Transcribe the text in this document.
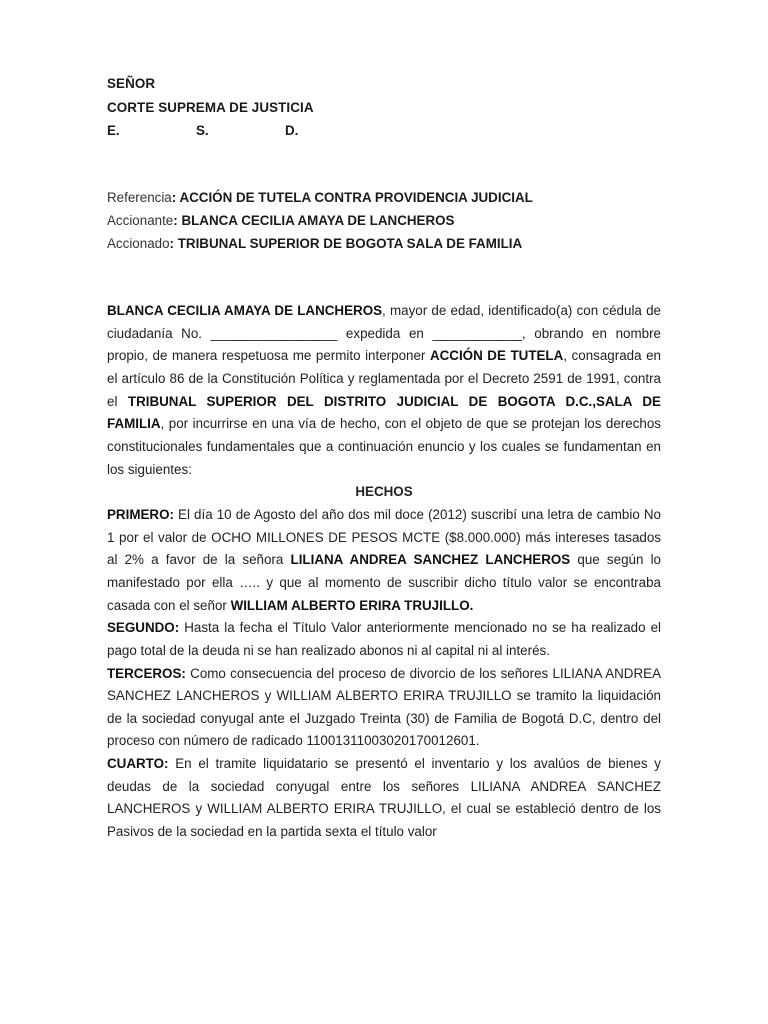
SEÑOR
CORTE SUPREMA DE JUSTICIA
E.	S.	D.
Referencia: ACCIÓN DE TUTELA CONTRA PROVIDENCIA JUDICIAL
Accionante: BLANCA CECILIA AMAYA DE LANCHEROS
Accionado: TRIBUNAL SUPERIOR DE BOGOTA SALA DE FAMILIA

BLANCA CECILIA AMAYA DE LANCHEROS, mayor de edad, identificado(a) con cédula de ciudadanía No. _________________ expedida en ____________, obrando en nombre propio, de manera respetuosa me permito interponer ACCIÓN DE TUTELA, consagrada en el artículo 86 de la Constitución Política y reglamentada por el Decreto 2591 de 1991, contra el TRIBUNAL SUPERIOR DEL DISTRITO JUDICIAL DE BOGOTA D.C.,SALA DE FAMILIA, por incurrirse en una vía de hecho, con el objeto de que se protejan los derechos constitucionales fundamentales que a continuación enuncio y los cuales se fundamentan en los siguientes:

HECHOS

PRIMERO: El día 10 de Agosto del año dos mil doce (2012) suscribí una letra de cambio No 1 por el valor de OCHO MILLONES DE PESOS MCTE ($8.000.000) más intereses tasados al 2% a favor de la señora LILIANA ANDREA SANCHEZ LANCHEROS que según lo manifestado por ella ….. y que al momento de suscribir dicho título valor se encontraba casada con el señor WILLIAM ALBERTO ERIRA TRUJILLO.

SEGUNDO: Hasta la fecha el Título Valor anteriormente mencionado no se ha realizado el pago total de la deuda ni se han realizado abonos ni al capital ni al interés.

TERCEROS: Como consecuencia del proceso de divorcio de los señores LILIANA ANDREA SANCHEZ LANCHEROS y WILLIAM ALBERTO ERIRA TRUJILLO se tramito la liquidación de la sociedad conyugal ante el Juzgado Treinta (30) de Familia de Bogotá D.C, dentro del proceso con número de radicado 11001311003020170012601.

CUARTO: En el tramite liquidatario se presentó el inventario y los avalúos de bienes y deudas de la sociedad conyugal entre los señores LILIANA ANDREA SANCHEZ LANCHEROS y WILLIAM ALBERTO ERIRA TRUJILLO, el cual se estableció dentro de los Pasivos de la sociedad en la partida sexta el título valor
